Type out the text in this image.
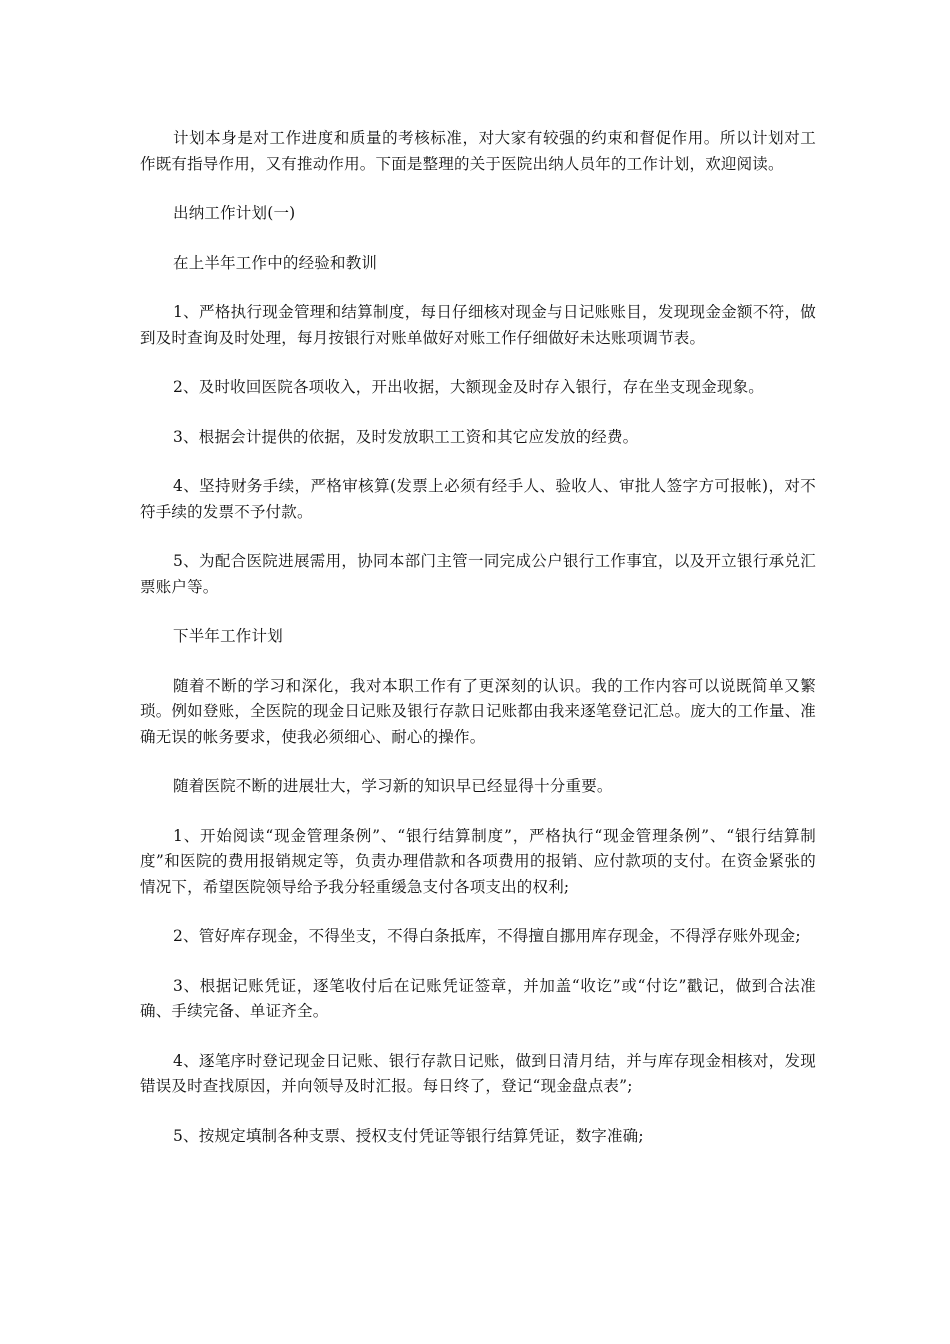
计划本身是对工作进度和质量的考核标准，对大家有较强的约束和督促作用。所以计划对工作既有指导作用，又有推动作用。下面是整理的关于医院出纳人员年的工作计划，欢迎阅读。

出纳工作计划(一)

在上半年工作中的经验和教训

1、严格执行现金管理和结算制度，每日仔细核对现金与日记账账目，发现现金金额不符，做到及时查询及时处理，每月按银行对账单做好对账工作仔细做好未达账项调节表。

2、及时收回医院各项收入，开出收据，大额现金及时存入银行，存在坐支现金现象。

3、根据会计提供的依据，及时发放职工工资和其它应发放的经费。

4、坚持财务手续，严格审核算(发票上必须有经手人、验收人、审批人签字方可报帐)，对不符手续的发票不予付款。

5、为配合医院进展需用，协同本部门主管一同完成公户银行工作事宜，以及开立银行承兑汇票账户等。

下半年工作计划

随着不断的学习和深化，我对本职工作有了更深刻的认识。我的工作内容可以说既简单又繁琐。例如登账，全医院的现金日记账及银行存款日记账都由我来逐笔登记汇总。庞大的工作量、准确无误的帐务要求，使我必须细心、耐心的操作。

随着医院不断的进展壮大，学习新的知识早已经显得十分重要。

1、开始阅读“现金管理条例”、“银行结算制度”，严格执行“现金管理条例”、“银行结算制度”和医院的费用报销规定等，负责办理借款和各项费用的报销、应付款项的支付。在资金紧张的情况下，希望医院领导给予我分轻重缓急支付各项支出的权利;

2、管好库存现金，不得坐支，不得白条抵库，不得擅自挪用库存现金，不得浮存账外现金;

3、根据记账凭证，逐笔收付后在记账凭证签章，并加盖“收讫”或“付讫”戳记，做到合法准确、手续完备、单证齐全。

4、逐笔序时登记现金日记账、银行存款日记账，做到日清月结，并与库存现金相核对，发现错误及时查找原因，并向领导及时汇报。每日终了，登记“现金盘点表”;

5、按规定填制各种支票、授权支付凭证等银行结算凭证，数字准确;
